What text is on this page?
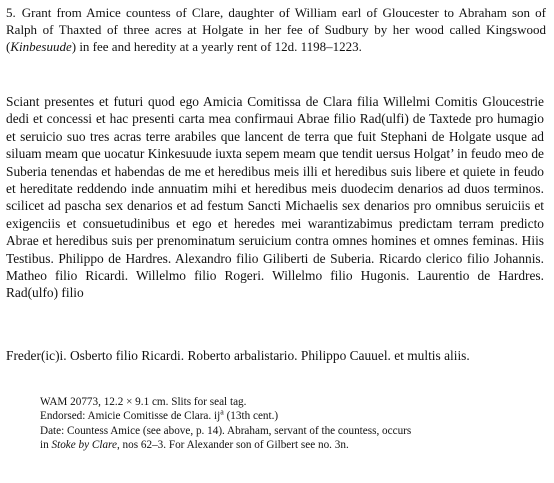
5. Grant from Amice countess of Clare, daughter of William earl of Gloucester to Abraham son of Ralph of Thaxted of three acres at Holgate in her fee of Sudbury by her wood called Kingswood (Kinbesuude) in fee and heredity at a yearly rent of 12d. 1198–1223.

Sciant presentes et futuri quod ego Amicia Comitissa de Clara filia Willelmi Comitis Gloucestrie dedi et concessi et hac presenti carta mea confirmaui Abrae filio Rad(ulfi) de Taxtede pro humagio et seruicio suo tres acras terre arabiles que lancent de terra que fuit Stephani de Holgate usque ad siluam meam que uocatur Kinkesuude iuxta sepem meam que tendit uersus Holgat’ in feudo meo de Suberia tenendas et habendas de me et heredibus meis illi et heredibus suis libere et quiete in feudo et hereditate reddendo inde annuatim mihi et heredibus meis duodecim denarios ad duos terminos. scilicet ad pascha sex denarios et ad festum Sancti Michaelis sex denarios pro omnibus seruiciis et exigenciis et consuetudinibus et ego et heredes mei warantizabimus predictam terram predicto Abrae et heredibus suis per prenominatum seruicium contra omnes homines et omnes feminas. Hiis Testibus. Philippo de Hardres. Alexandro filio Giliberti de Suberia. Ricardo clerico filio Johannis. Matheo filio Ricardi. Willelmo filio Rogeri. Willelmo filio Hugonis. Laurentio de Hardres. Rad(ulfo) filio

Freder(ic)i. Osberto filio Ricardi. Roberto arbalistario. Philippo Cauuel. et multis aliis.

WAM 20773, 12.2 × 9.1 cm. Slits for seal tag.
Endorsed: Amicie Comitisse de Clara. $ij^a$ (13th cent.)
Date: Countess Amice (see above, p. 14). Abraham, servant of the countess, occurs
in Stoke by Clare, nos 62–3. For Alexander son of Gilbert see no. 3n.
